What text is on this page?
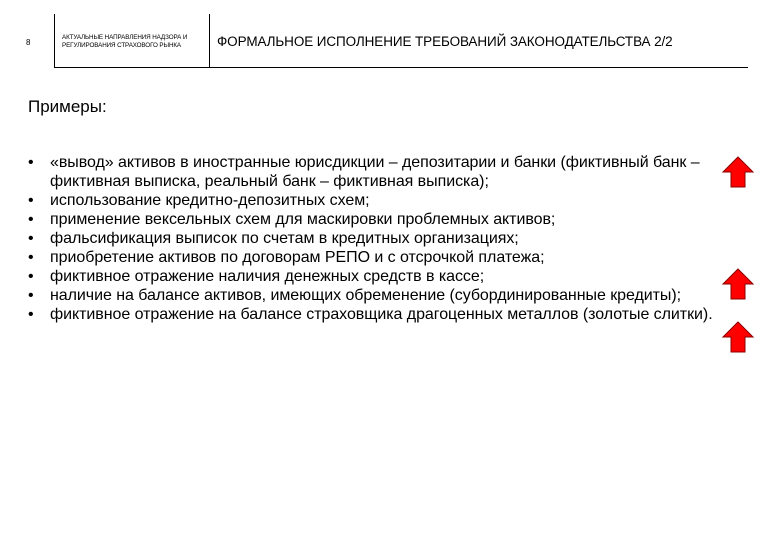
8
АКТУАЛЬНЫЕ НАПРАВЛЕНИЯ НАДЗОРА И
РЕГУЛИРОВАНИЯ СТРАХОВОГО РЫНКА	ФОРМАЛЬНОЕ ИСПОЛНЕНИЕ ТРЕБОВАНИЙ ЗАКОНОДАТЕЛЬСТВА 2/2
Примеры:
• «вывод» активов в иностранные юрисдикции – депозитарии и банки (фиктивный банк – фиктивная выписка, реальный банк – фиктивная выписка);
• использование кредитно-депозитных схем;
• применение вексельных схем для маскировки проблемных активов;
• фальсификация выписок по счетам в кредитных организациях;
• приобретение активов по договорам РЕПО и с отсрочкой платежа;
• фиктивное отражение наличия денежных средств в кассе;
• наличие на балансе активов, имеющих обременение (субординированные кредиты);
• фиктивное отражение на балансе страховщика драгоценных металлов (золотые слитки).
